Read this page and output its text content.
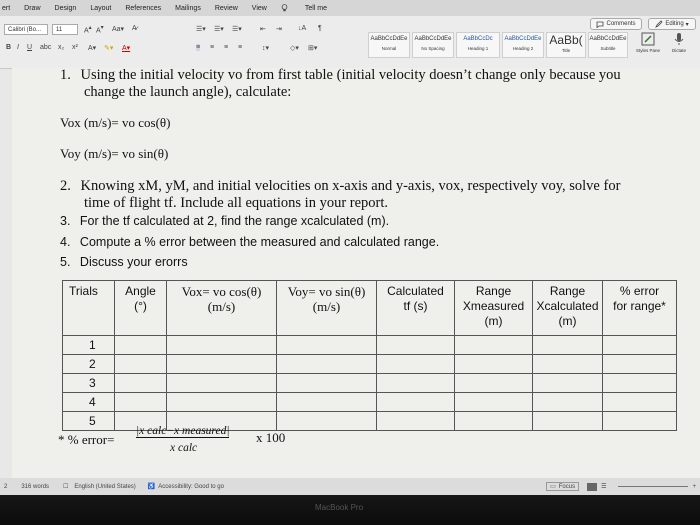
ert Draw Design Layout References Mailings Review View	Tell me
Calibri (Bo...	11	A▴ A▾ Aa▾ A̷
B I U abc x₂ x² A▾ ✎▾ A▾
☰▾ ☰▾ ☰▾	⇤ ⇥ ↓A ¶
≡ ≡ ≡ ≡	↕▾	◇▾ ⊞▾
AaBbCcDdEe
Normal
AaBbCcDdEe
No Spacing
AaBbCcDc
Heading 1
AaBbCcDdEe
Heading 2
AaBb(
Title
AaBbCcDdEe
Subtitle	Styles Pane	Dictate
Comments	Editing ▾
1. Using the initial velocity vo from first table (initial velocity doesn’t change only because you
change the launch angle), calculate:
Vox (m/s)= vo cos(θ)
Voy (m/s)= vo sin(θ)
2. Knowing xM, yM, and initial velocities on x-axis and y-axis, vox, respectively voy, solve for
time of flight tf. Include all equations in your report.
3. For the tf calculated at 2, find the range xcalculated (m).
4. Compute a % error between the measured and calculated range.
5. Discuss your erorrs
Trials	Angle
(°)	Vox= vo cos(θ)
(m/s)	Voy= vo sin(θ)
(m/s)	Calculated
tf (s)	Range
Xmeasured
(m)	Range
Xcalculated
(m)	% error
for range*
1							
2							
3							
4							
5							
* % error=
|x calc−x measured|
x calc
x 100
2 316 words ☐ English (United States) ♿ Accessibility: Good to go	▭ Focus	☰	+
MacBook Pro
